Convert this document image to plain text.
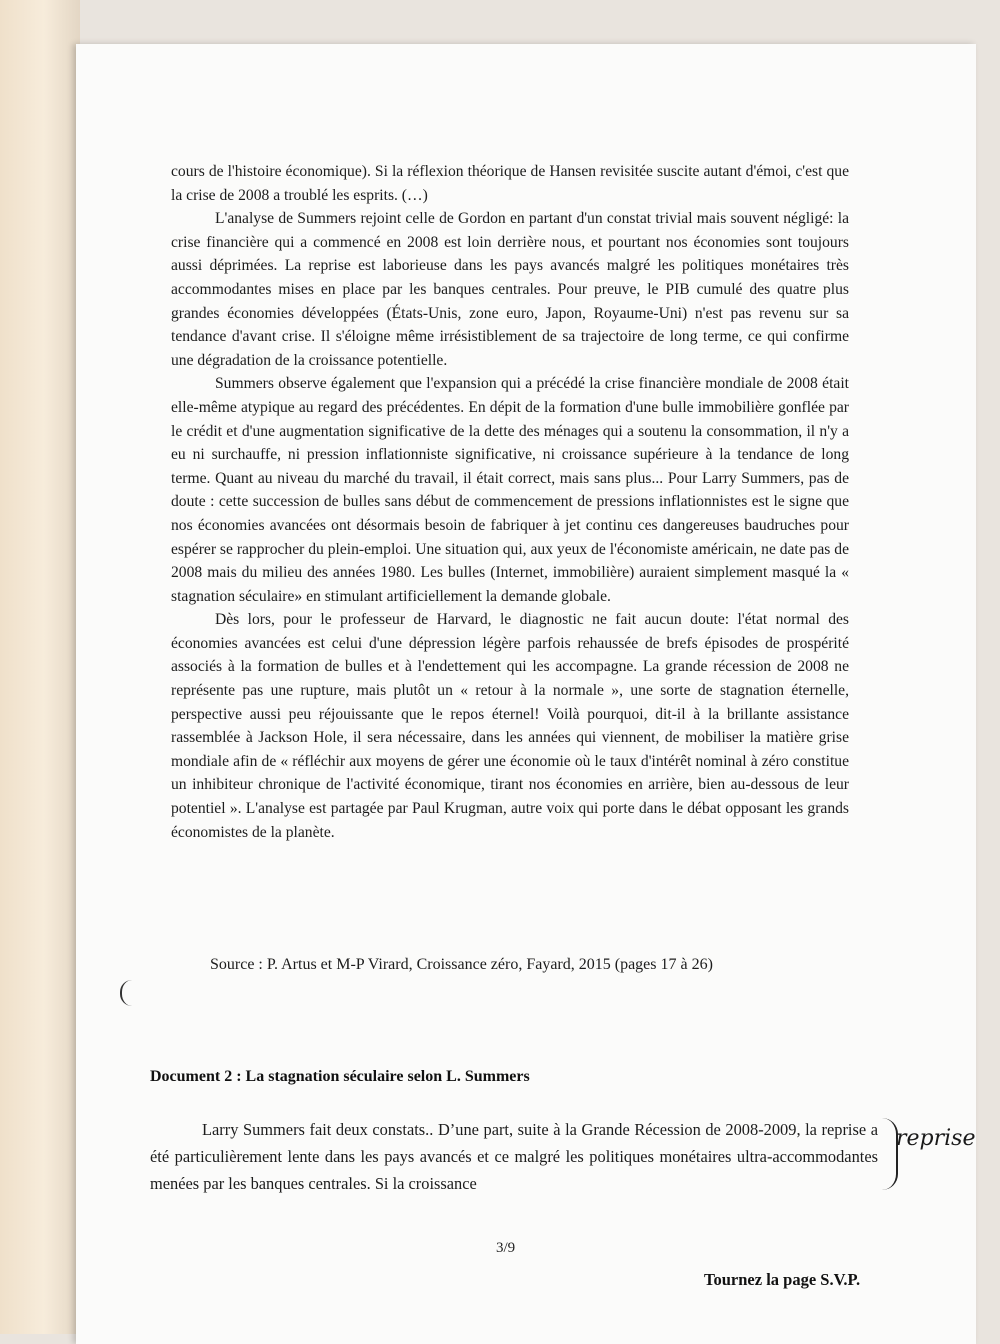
cours de l'histoire économique). Si la réflexion théorique de Hansen revisitée suscite autant d'émoi, c'est que la crise de 2008 a troublé les esprits. (…)

L'analyse de Summers rejoint celle de Gordon en partant d'un constat trivial mais souvent négligé: la crise financière qui a commencé en 2008 est loin derrière nous, et pourtant nos économies sont toujours aussi déprimées. La reprise est laborieuse dans les pays avancés malgré les politiques monétaires très accommodantes mises en place par les banques centrales. Pour preuve, le PIB cumulé des quatre plus grandes économies développées (États-Unis, zone euro, Japon, Royaume-Uni) n'est pas revenu sur sa tendance d'avant crise. Il s'éloigne même irrésistiblement de sa trajectoire de long terme, ce qui confirme une dégradation de la croissance potentielle.

Summers observe également que l'expansion qui a précédé la crise financière mondiale de 2008 était elle-même atypique au regard des précédentes. En dépit de la formation d'une bulle immobilière gonflée par le crédit et d'une augmentation significative de la dette des ménages qui a soutenu la consommation, il n'y a eu ni surchauffe, ni pression inflationniste significative, ni croissance supérieure à la tendance de long terme. Quant au niveau du marché du travail, il était correct, mais sans plus... Pour Larry Summers, pas de doute : cette succession de bulles sans début de commencement de pressions inflationnistes est le signe que nos économies avancées ont désormais besoin de fabriquer à jet continu ces dangereuses baudruches pour espérer se rapprocher du plein-emploi. Une situation qui, aux yeux de l'économiste américain, ne date pas de 2008 mais du milieu des années 1980. Les bulles (Internet, immobilière) auraient simplement masqué la « stagnation séculaire» en stimulant artificiellement la demande globale.

Dès lors, pour le professeur de Harvard, le diagnostic ne fait aucun doute: l'état normal des économies avancées est celui d'une dépression légère parfois rehaussée de brefs épisodes de prospérité associés à la formation de bulles et à l'endettement qui les accompagne. La grande récession de 2008 ne représente pas une rupture, mais plutôt un « retour à la normale », une sorte de stagnation éternelle, perspective aussi peu réjouissante que le repos éternel! Voilà pourquoi, dit-il à la brillante assistance rassemblée à Jackson Hole, il sera nécessaire, dans les années qui viennent, de mobiliser la matière grise mondiale afin de « réfléchir aux moyens de gérer une économie où le taux d'intérêt nominal à zéro constitue un inhibiteur chronique de l'activité économique, tirant nos économies en arrière, bien au-dessous de leur potentiel ». L'analyse est partagée par Paul Krugman, autre voix qui porte dans le débat opposant les grands économistes de la planète.

Source : P. Artus et M-P Virard, Croissance zéro, Fayard, 2015 (pages 17 à 26)
Document 2 : La stagnation séculaire selon L. Summers

Larry Summers fait deux constats.. D’une part, suite à la Grande Récession de 2008-2009, la reprise a été particulièrement lente dans les pays avancés et ce malgré les politiques monétaires ultra-accommodantes menées par les banques centrales. Si la croissance

reprise
3/9
Tournez la page S.V.P.
